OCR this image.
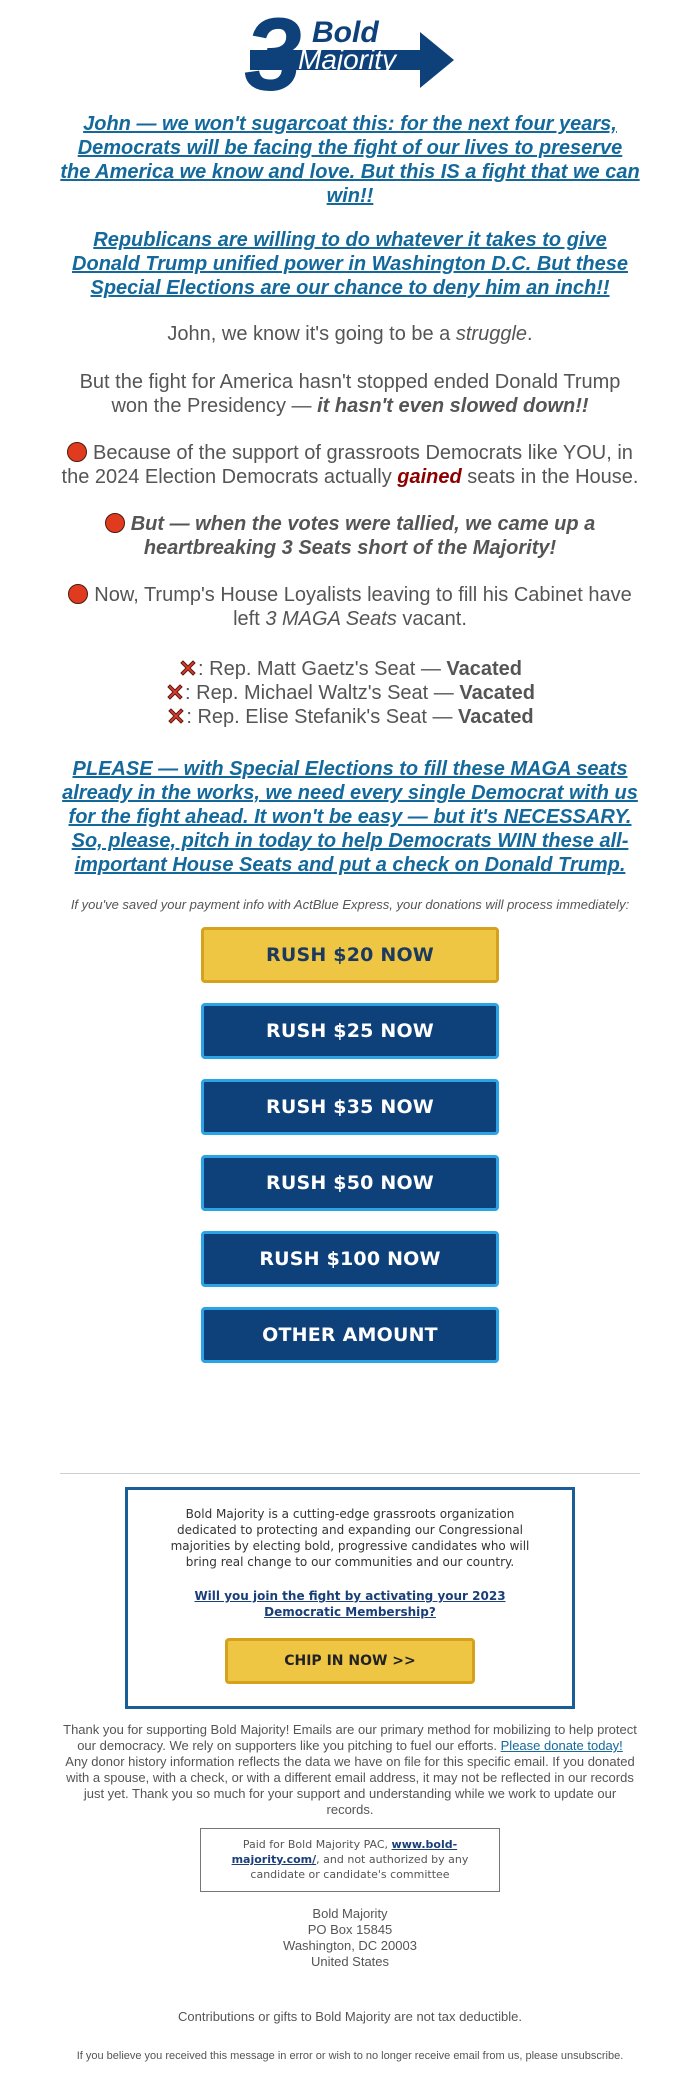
3 Bold
Majority

John — we won't sugarcoat this: for the next four years, Democrats will be facing the fight of our lives to preserve the America we know and love. But this IS a fight that we can win!!

Republicans are willing to do whatever it takes to give Donald Trump unified power in Washington D.C. But these Special Elections are our chance to deny him an inch!!

John, we know it's going to be a struggle.

But the fight for America hasn't stopped ended Donald Trump won the Presidency — it hasn't even slowed down!!

Because of the support of grassroots Democrats like YOU, in the 2024 Election Democrats actually gained seats in the House.

But — when the votes were tallied, we came up a heartbreaking 3 Seats short of the Majority!

Now, Trump's House Loyalists leaving to fill his Cabinet have left 3 MAGA Seats vacant.

: Rep. Matt Gaetz's Seat — Vacated
: Rep. Michael Waltz's Seat — Vacated
: Rep. Elise Stefanik's Seat — Vacated

PLEASE — with Special Elections to fill these MAGA seats already in the works, we need every single Democrat with us for the fight ahead. It won't be easy — but it's NECESSARY. So, please, pitch in today to help Democrats WIN these all-important House Seats and put a check on Donald Trump.

If you've saved your payment info with ActBlue Express, your donations will process immediately:

RUSH $20 NOW
RUSH $25 NOW
RUSH $35 NOW
RUSH $50 NOW
RUSH $100 NOW
OTHER AMOUNT

Bold Majority is a cutting-edge grassroots organization dedicated to protecting and expanding our Congressional majorities by electing bold, progressive candidates who will bring real change to our communities and our country.

Will you join the fight by activating your 2023 Democratic Membership?
CHIP IN NOW >>

Thank you for supporting Bold Majority! Emails are our primary method for mobilizing to help protect our democracy. We rely on supporters like you pitching to fuel our efforts. Please donate today!
Any donor history information reflects the data we have on file for this specific email. If you donated with a spouse, with a check, or with a different email address, it may not be reflected in our records just yet. Thank you so much for your support and understanding while we work to update our records.

Paid for Bold Majority PAC, www.bold-majority.com/, and not authorized by any candidate or candidate's committee

Bold Majority
PO Box 15845
Washington, DC 20003
United States

Contributions or gifts to Bold Majority are not tax deductible.

If you believe you received this message in error or wish to no longer receive email from us, please unsubscribe.
